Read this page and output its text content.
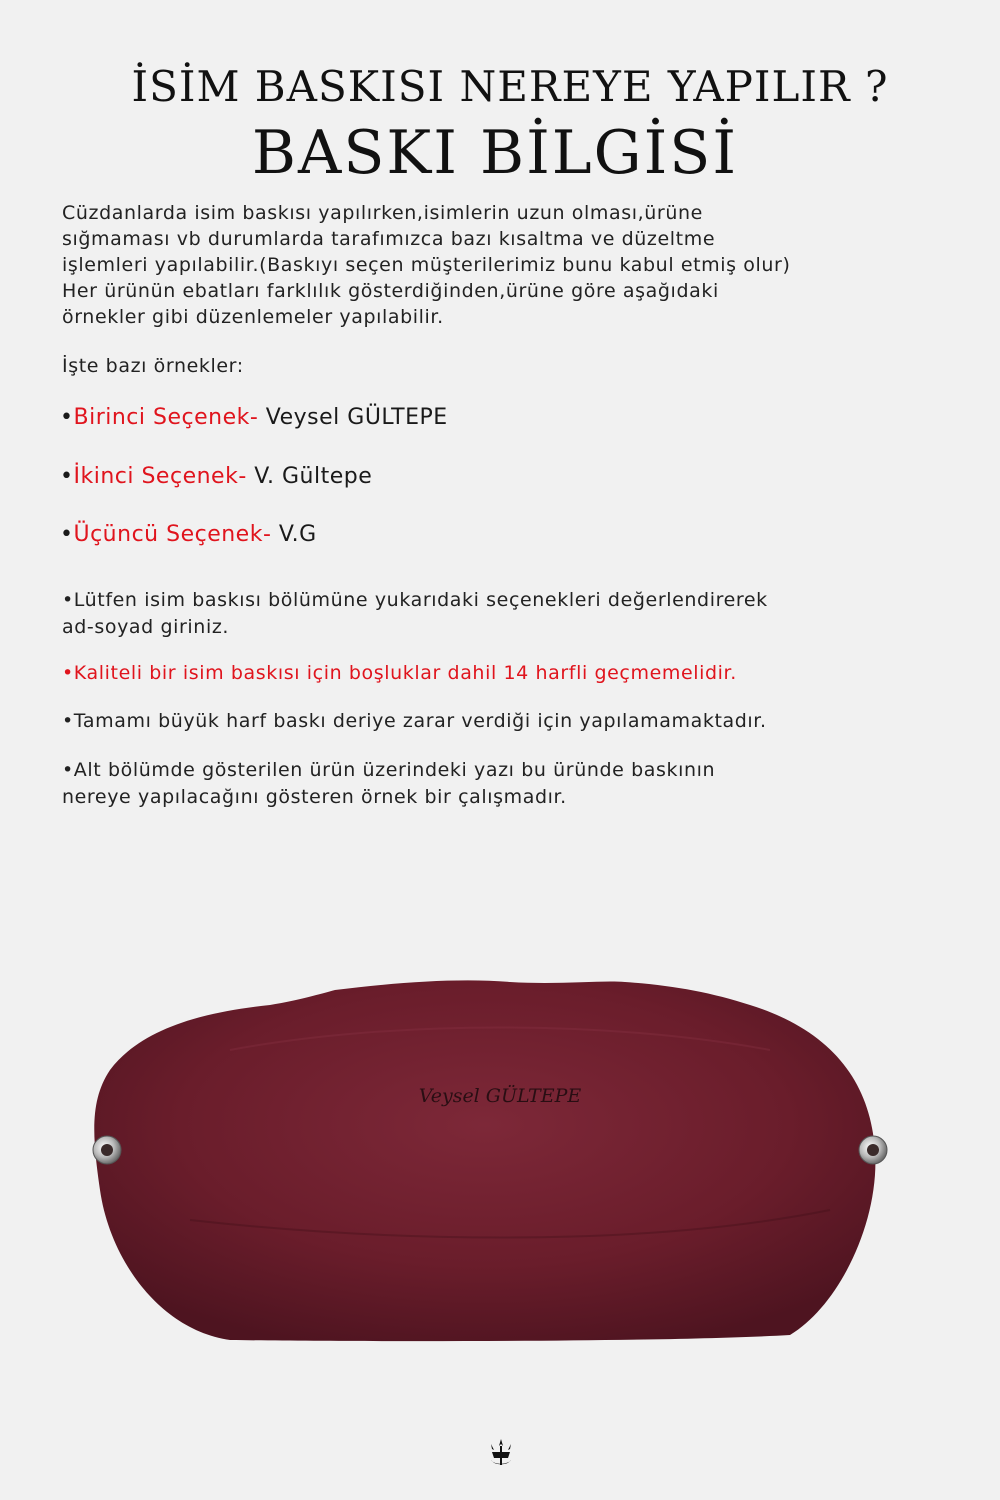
İSİM BASKISI NEREYE YAPILIR ?
BASKI BİLGİSİ
Cüzdanlarda isim baskısı yapılırken,isimlerin uzun olması,ürüne
sığmaması vb durumlarda tarafımızca bazı kısaltma ve düzeltme
işlemleri yapılabilir.(Baskıyı seçen müşterilerimiz bunu kabul etmiş olur)
Her ürünün ebatları farklılık gösterdiğinden,ürüne göre aşağıdaki
örnekler gibi düzenlemeler yapılabilir.
İşte bazı örnekler:
•Birinci Seçenek- Veysel GÜLTEPE
•İkinci Seçenek- V. Gültepe
•Üçüncü Seçenek- V.G
•Lütfen isim baskısı bölümüne yukarıdaki seçenekleri değerlendirerek
ad-soyad giriniz.
•Kaliteli bir isim baskısı için boşluklar dahil 14 harfli geçmemelidir.
•Tamamı büyük harf baskı deriye zarar verdiği için yapılamamaktadır.
•Alt bölümde gösterilen ürün üzerindeki yazı bu üründe baskının
nereye yapılacağını gösteren örnek bir çalışmadır.
Veysel GÜLTEPE
